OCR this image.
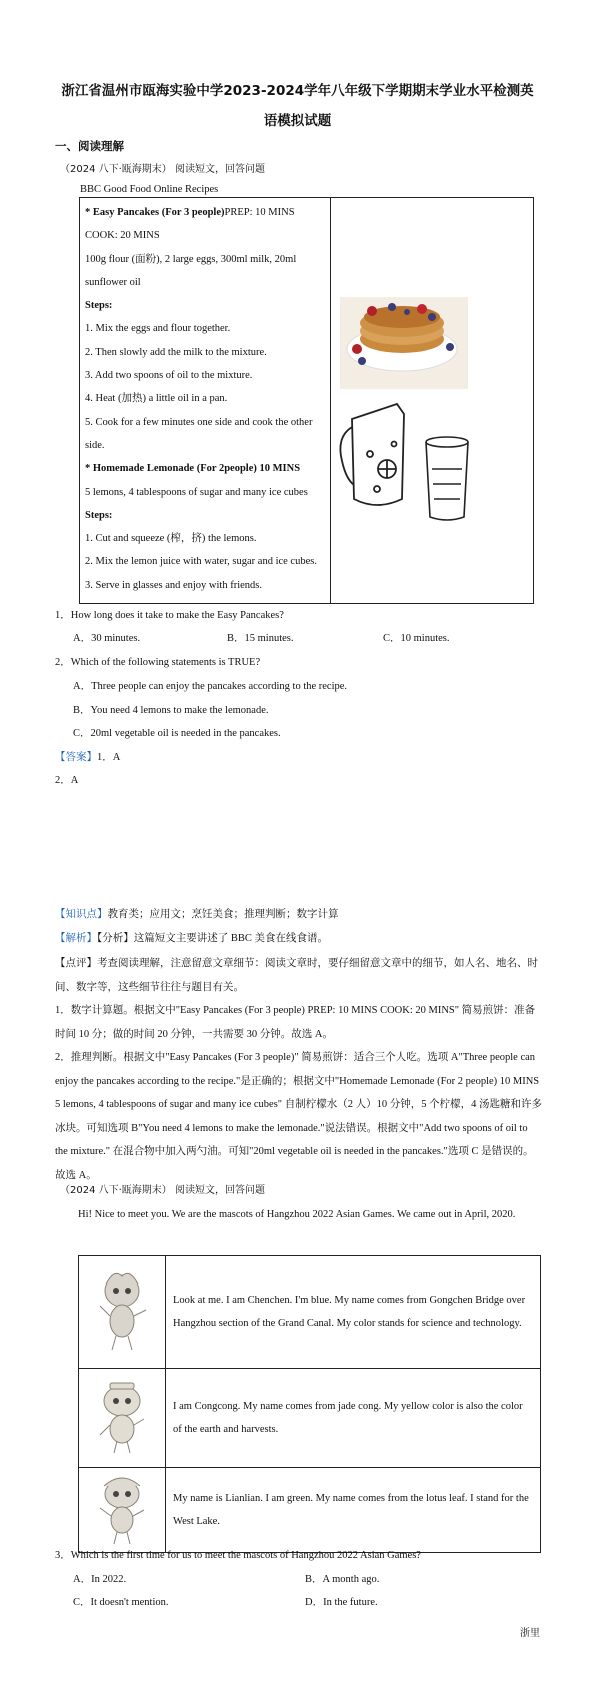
浙江省温州市瓯海实验中学2023-2024学年八年级下学期期末学业水平检测英
语模拟试题
一、阅读理解
（2024 八下·瓯海期末） 阅读短文，回答问题
BBC Good Food Online Recipes
* Easy Pancakes (For 3 people)PREP: 10 MINS
COOK: 20 MINS
100g flour (面粉), 2 large eggs, 300ml milk, 20ml sunflower oil
Steps:
1. Mix the eggs and flour together.
2. Then slowly add the milk to the mixture.
3. Add two spoons of oil to the mixture.
4. Heat (加热) a little oil in a pan.
5. Cook for a few minutes one side and cook the other side.
* Homemade Lemonade (For 2people) 10 MINS
5 lemons, 4 tablespoons of sugar and many ice cubes
Steps:
1. Cut and squeeze (榨，挤) the lemons.
2. Mix the lemon juice with water, sugar and ice cubes.
3. Serve in glasses and enjoy with friends.

1．How long does it take to make the Easy Pancakes?
A．30 minutes.	B．15 minutes.	C．10 minutes.
2．Which of the following statements is TRUE?
A．Three people can enjoy the pancakes according to the recipe.
B．You need 4 lemons to make the lemonade.
C．20ml vegetable oil is needed in the pancakes.
【答案】1．A
2．A
【知识点】教育类；应用文；烹饪美食；推理判断；数字计算
【解析】【分析】这篇短文主要讲述了 BBC 美食在线食谱。

【点评】考查阅读理解，注意留意文章细节：阅读文章时，要仔细留意文章中的细节，如人名、地名、时间、数字等，这些细节往往与题目有关。

1．数字计算题。根据文中"Easy Pancakes (For 3 people) PREP: 10 MINS COOK: 20 MINS" 简易煎饼：准备时间 10 分；做的时间 20 分钟，一共需要 30 分钟。故选 A。

2．推理判断。根据文中"Easy Pancakes (For 3 people)" 简易煎饼：适合三个人吃。选项 A"Three people can enjoy the pancakes according to the recipe."是正确的；根据文中"Homemade Lemonade (For 2 people) 10 MINS 5 lemons, 4 tablespoons of sugar and many ice cubes" 自制柠檬水（2 人）10 分钟，5 个柠檬，4 汤匙糖和许多冰块。可知选项 B"You need 4 lemons to make the lemonade."说法错误。根据文中"Add two spoons of oil to the mixture." 在混合物中加入两勺油。可知"20ml vegetable oil is needed in the pancakes."选项 C 是错误的。故选 A。

（2024 八下·瓯海期末） 阅读短文，回答问题
Hi! Nice to meet you. We are the mascots of Hangzhou 2022 Asian Games. We came out in April, 2020.
	Look at me. I am Chenchen. I'm blue. My name comes from Gongchen Bridge over Hangzhou section of the Grand Canal. My color stands for science and technology.
	I am Congcong. My name comes from jade cong. My yellow color is also the color of the earth and harvests.
	My name is Lianlian. I am green. My name comes from the lotus leaf. I stand for the West Lake.
3．Which is the first time for us to meet the mascots of Hangzhou 2022 Asian Games?
A．In 2022.	B．A month ago.
C．It doesn't mention.	D．In the future.
浙里
